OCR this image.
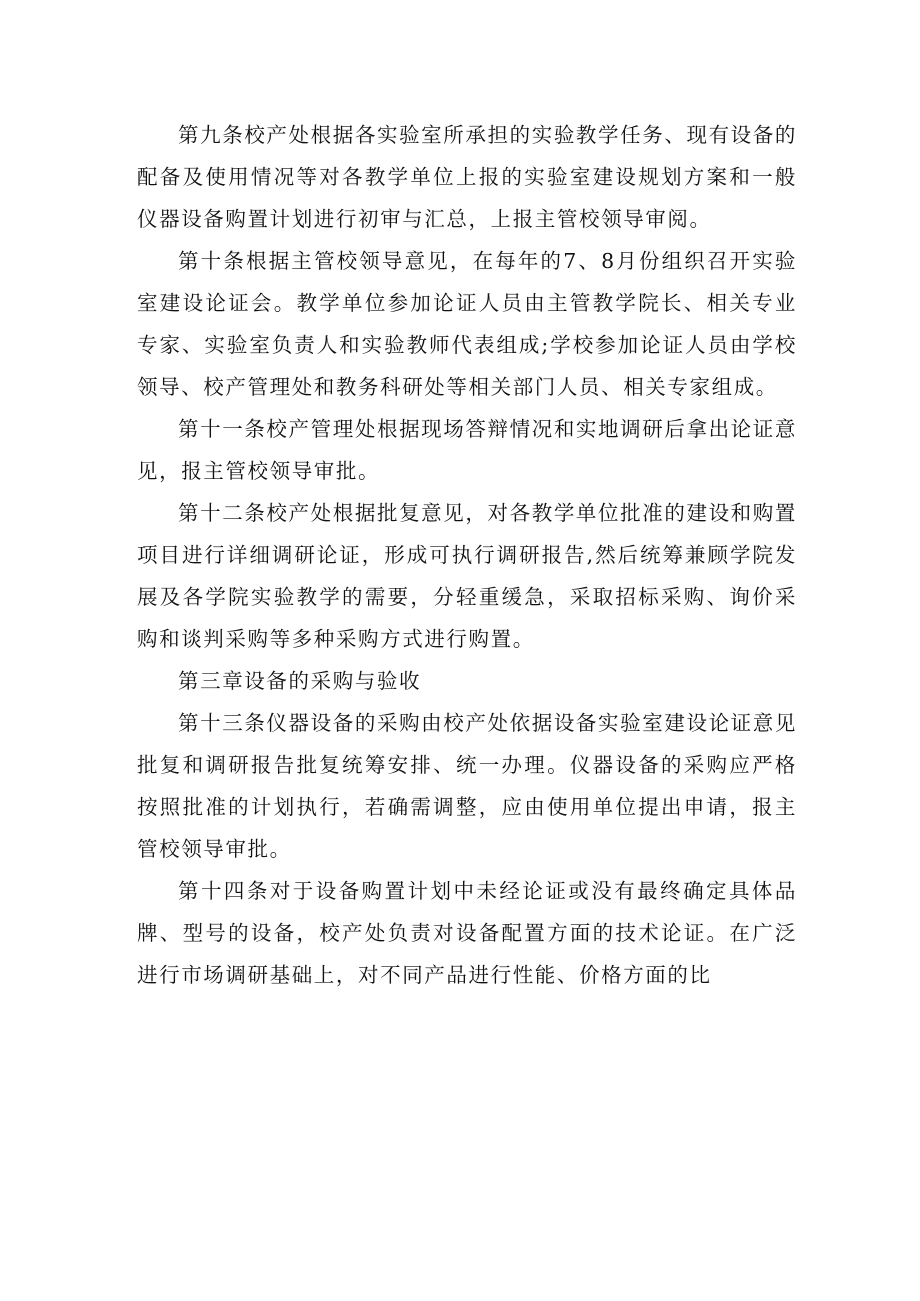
第九条校产处根据各实验室所承担的实验教学任务、现有设备的配备及使用情况等对各教学单位上报的实验室建设规划方案和一般仪器设备购置计划进行初审与汇总，上报主管校领导审阅。

第十条根据主管校领导意见，在每年的7、8月份组织召开实验室建设论证会。教学单位参加论证人员由主管教学院长、相关专业专家、实验室负责人和实验教师代表组成;学校参加论证人员由学校领导、校产管理处和教务科研处等相关部门人员、相关专家组成。

第十一条校产管理处根据现场答辩情况和实地调研后拿出论证意见，报主管校领导审批。

第十二条校产处根据批复意见，对各教学单位批准的建设和购置项目进行详细调研论证，形成可执行调研报告,然后统筹兼顾学院发展及各学院实验教学的需要，分轻重缓急，采取招标采购、询价采购和谈判采购等多种采购方式进行购置。

第三章设备的采购与验收

第十三条仪器设备的采购由校产处依据设备实验室建设论证意见批复和调研报告批复统筹安排、统一办理。仪器设备的采购应严格按照批准的计划执行，若确需调整，应由使用单位提出申请，报主管校领导审批。

第十四条对于设备购置计划中未经论证或没有最终确定具体品牌、型号的设备，校产处负责对设备配置方面的技术论证。在广泛进行市场调研基础上，对不同产品进行性能、价格方面的比
